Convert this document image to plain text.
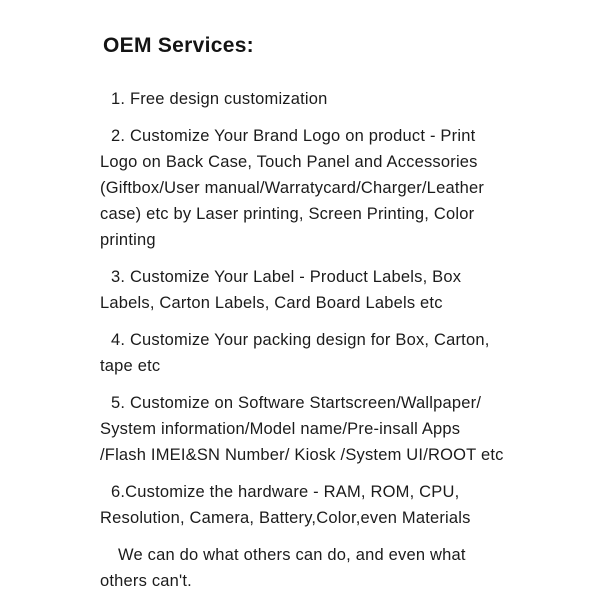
OEM Services:
1. Free design customization
2. Customize Your Brand Logo on product - Print
Logo on Back Case, Touch Panel and Accessories
(Giftbox/User manual/Warratycard/Charger/Leather
case) etc by Laser printing, Screen Printing, Color
printing
3. Customize Your Label - Product Labels, Box
Labels, Carton Labels, Card Board Labels etc
4. Customize Your packing design for Box, Carton,
tape etc
5. Customize on Software Startscreen/Wallpaper/
System information/Model name/Pre-insall Apps
/Flash IMEI&SN Number/ Kiosk /System UI/ROOT etc
6.Customize the hardware - RAM, ROM, CPU,
Resolution, Camera, Battery,Color,even Materials
We can do what others can do, and even what
others can't.
